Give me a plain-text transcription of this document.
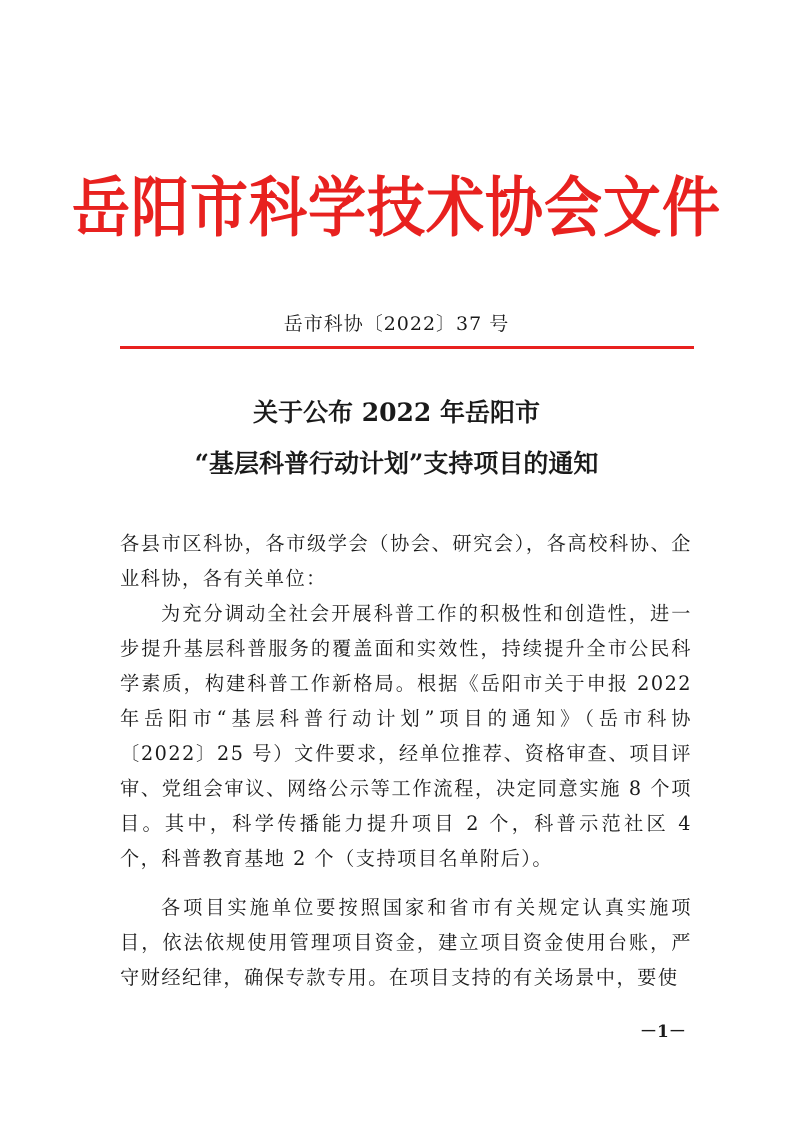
岳阳市科学技术协会文件
岳市科协〔2022〕37 号
关于公布 2022 年岳阳市
“基层科普行动计划”支持项目的通知
各县市区科协，各市级学会（协会、研究会），各高校科协、企业科协，各有关单位：
为充分调动全社会开展科普工作的积极性和创造性，进一步提升基层科普服务的覆盖面和实效性，持续提升全市公民科学素质，构建科普工作新格局。根据《岳阳市关于申报 2022 年岳阳市“基层科普行动计划”项目的通知》（岳市科协〔2022〕25 号）文件要求，经单位推荐、资格审查、项目评审、党组会审议、网络公示等工作流程，决定同意实施 8 个项目。其中，科学传播能力提升项目 2 个，科普示范社区 4 个，科普教育基地 2 个（支持项目名单附后）。
各项目实施单位要按照国家和省市有关规定认真实施项目，依法依规使用管理项目资金，建立项目资金使用台账，严守财经纪律，确保专款专用。在项目支持的有关场景中，要使
－1－
